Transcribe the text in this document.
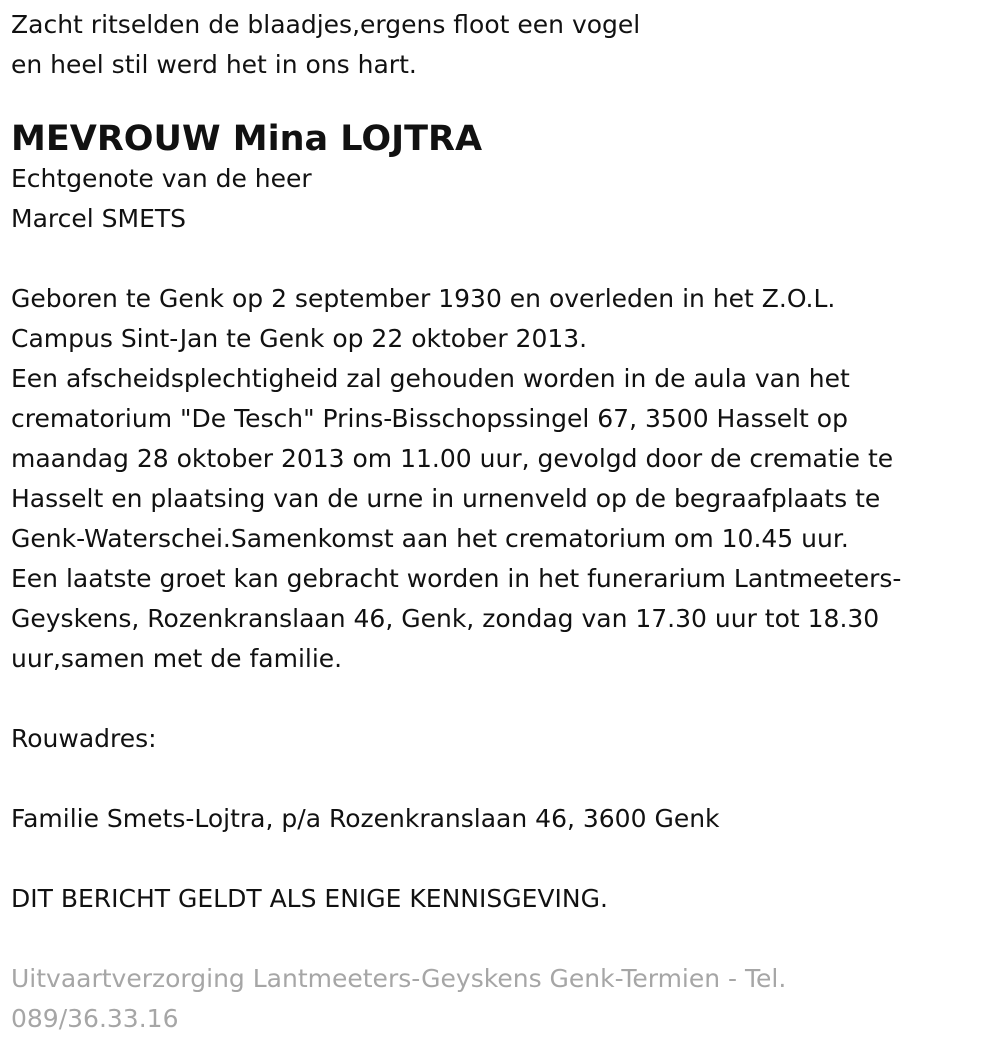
Zacht ritselden de blaadjes,ergens floot een vogel
en heel stil werd het in ons hart.
MEVROUW Mina LOJTRA
Echtgenote van de heer
Marcel SMETS
Geboren te Genk op 2 september 1930 en overleden in het Z.O.L.
Campus Sint-Jan te Genk op 22 oktober 2013.
Een afscheidsplechtigheid zal gehouden worden in de aula van het
crematorium "De Tesch" Prins-Bisschopssingel 67, 3500 Hasselt op
maandag 28 oktober 2013 om 11.00 uur, gevolgd door de crematie te
Hasselt en plaatsing van de urne in urnenveld op de begraafplaats te
Genk-Waterschei.Samenkomst aan het crematorium om 10.45 uur.
Een laatste groet kan gebracht worden in het funerarium Lantmeeters-
Geyskens, Rozenkranslaan 46, Genk, zondag van 17.30 uur tot 18.30
uur,samen met de familie.
Rouwadres:
Familie Smets-Lojtra, p/a Rozenkranslaan 46, 3600 Genk
DIT BERICHT GELDT ALS ENIGE KENNISGEVING.
Uitvaartverzorging Lantmeeters-Geyskens Genk-Termien - Tel.
089/36.33.16
